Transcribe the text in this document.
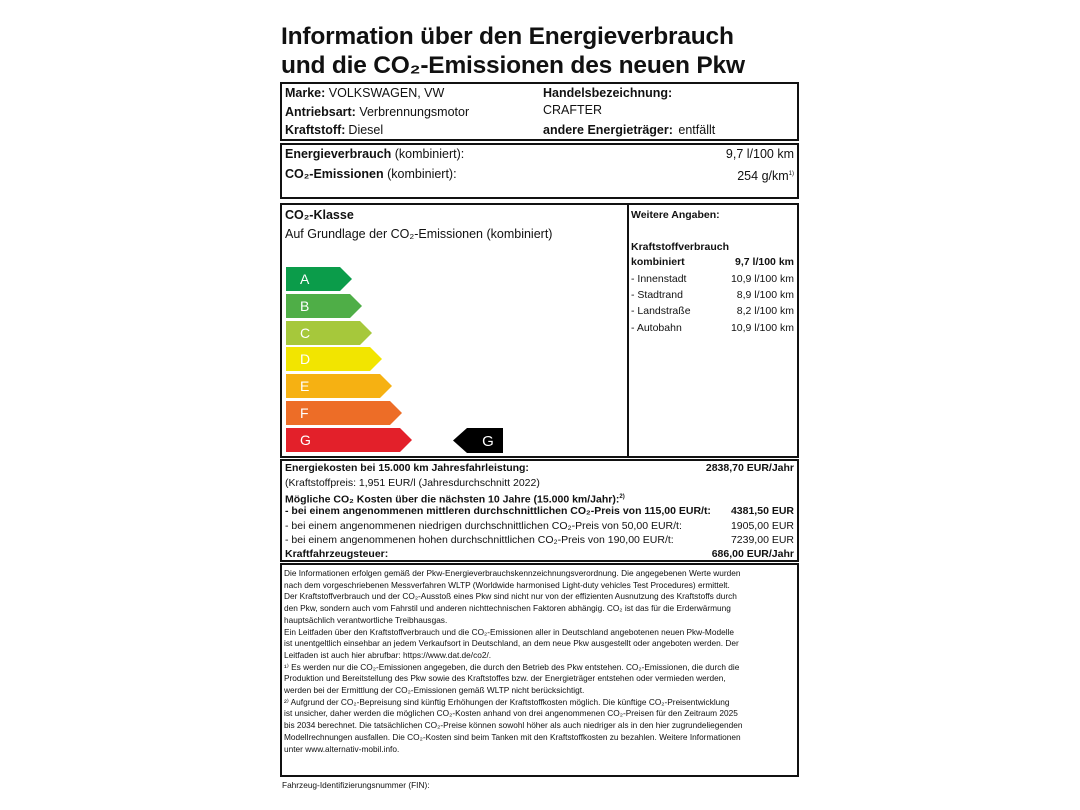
Information über den Energieverbrauch
und die CO₂-Emissionen des neuen Pkw
Marke: VOLKSWAGEN, VW
Antriebsart: Verbrennungsmotor
Kraftstoff: Diesel
Handelsbezeichnung:
CRAFTER
andere Energieträger: entfällt
Energieverbrauch (kombiniert):	9,7 l/100 km
CO₂-Emissionen (kombiniert):	254 $g/km^{1)}$
CO₂-Klasse
Auf Grundlage der CO₂-Emissionen (kombiniert)
A
B
C
D
E
F
G	G
Weitere Angaben:
Kraftstoffverbrauch
kombiniert	9,7 l/100 km
- Innenstadt	10,9 l/100 km
- Stadtrand	8,9 l/100 km
- Landstraße	8,2 l/100 km
- Autobahn	10,9 l/100 km
Energiekosten bei 15.000 km Jahresfahrleistung:	2838,70 EUR/Jahr
(Kraftstoffpreis: 1,951 EUR/l (Jahresdurchschnitt 2022)
Mögliche CO₂ Kosten über die nächsten 10 Jahre (15.000 km/Jahr):$^{2)}$
- bei einem angenommenen mittleren durchschnittlichen CO₂-Preis von 115,00 EUR/t:	4381,50 EUR
- bei einem angenommenen niedrigen durchschnittlichen CO₂-Preis von 50,00 EUR/t:	1905,00 EUR
- bei einem angenommenen hohen durchschnittlichen CO₂-Preis von 190,00 EUR/t:	7239,00 EUR
Kraftfahrzeugsteuer:	686,00 EUR/Jahr
Die Informationen erfolgen gemäß der Pkw-Energieverbrauchskennzeichnungsverordnung. Die angegebenen Werte wurden
nach dem vorgeschriebenen Messverfahren WLTP (Worldwide harmonised Light-duty vehicles Test Procedures) ermittelt.
Der Kraftstoffverbrauch und der CO₂-Ausstoß eines Pkw sind nicht nur von der effizienten Ausnutzung des Kraftstoffs durch
den Pkw, sondern auch vom Fahrstil und anderen nichttechnischen Faktoren abhängig. CO₂ ist das für die Erderwärmung
hauptsächlich verantwortliche Treibhausgas.
Ein Leitfaden über den Kraftstoffverbrauch und die CO₂-Emissionen aller in Deutschland angebotenen neuen Pkw-Modelle
ist unentgeltlich einsehbar an jedem Verkaufsort in Deutschland, an dem neue Pkw ausgestellt oder angeboten werden. Der
Leitfaden ist auch hier abrufbar: https://www.dat.de/co2/.
¹⁾ Es werden nur die CO₂-Emissionen angegeben, die durch den Betrieb des Pkw entstehen. CO₂-Emissionen, die durch die
Produktion und Bereitstellung des Pkw sowie des Kraftstoffes bzw. der Energieträger entstehen oder vermieden werden,
werden bei der Ermittlung der CO₂-Emissionen gemäß WLTP nicht berücksichtigt.
²⁾ Aufgrund der CO₂-Bepreisung sind künftig Erhöhungen der Kraftstoffkosten möglich. Die künftige CO₂-Preisentwicklung
ist unsicher, daher werden die möglichen CO₂-Kosten anhand von drei angenommenen CO₂-Preisen für den Zeitraum 2025
bis 2034 berechnet. Die tatsächlichen CO₂-Preise können sowohl höher als auch niedriger als in den hier zugrundeliegenden
Modellrechnungen ausfallen. Die CO₂-Kosten sind beim Tanken mit den Kraftstoffkosten zu bezahlen. Weitere Informationen
unter www.alternativ-mobil.info.
Fahrzeug-Identifizierungsnummer (FIN):
